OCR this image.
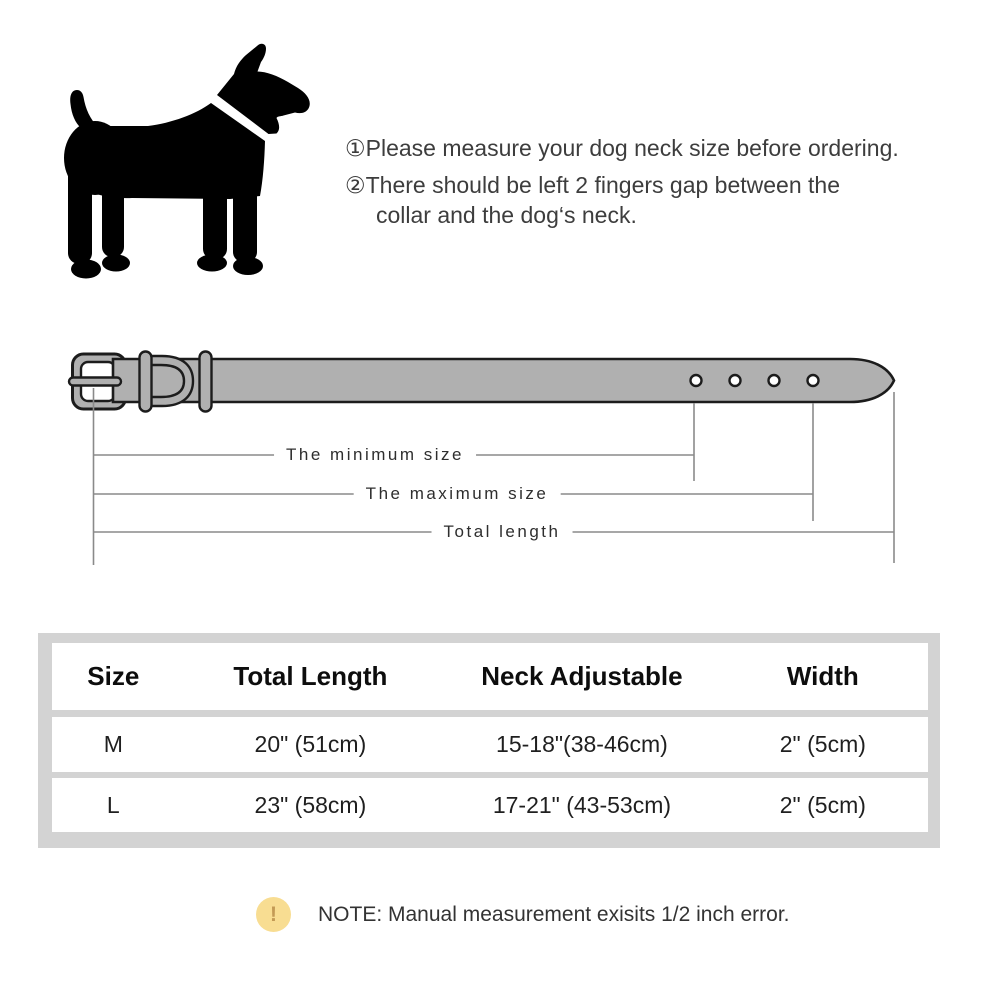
①Please measure your dog neck size before ordering.
②There should be left 2 fingers gap between the
collar and the dog‘s neck.
The minimum size
The maximum size
Total length
Size	Total Length	Neck Adjustable	Width
M	20" (51cm)	15-18"(38-46cm)	2" (5cm)
L	23" (58cm)	17-21" (43-53cm)	2" (5cm)
!	NOTE: Manual measurement exisits 1/2 inch error.
